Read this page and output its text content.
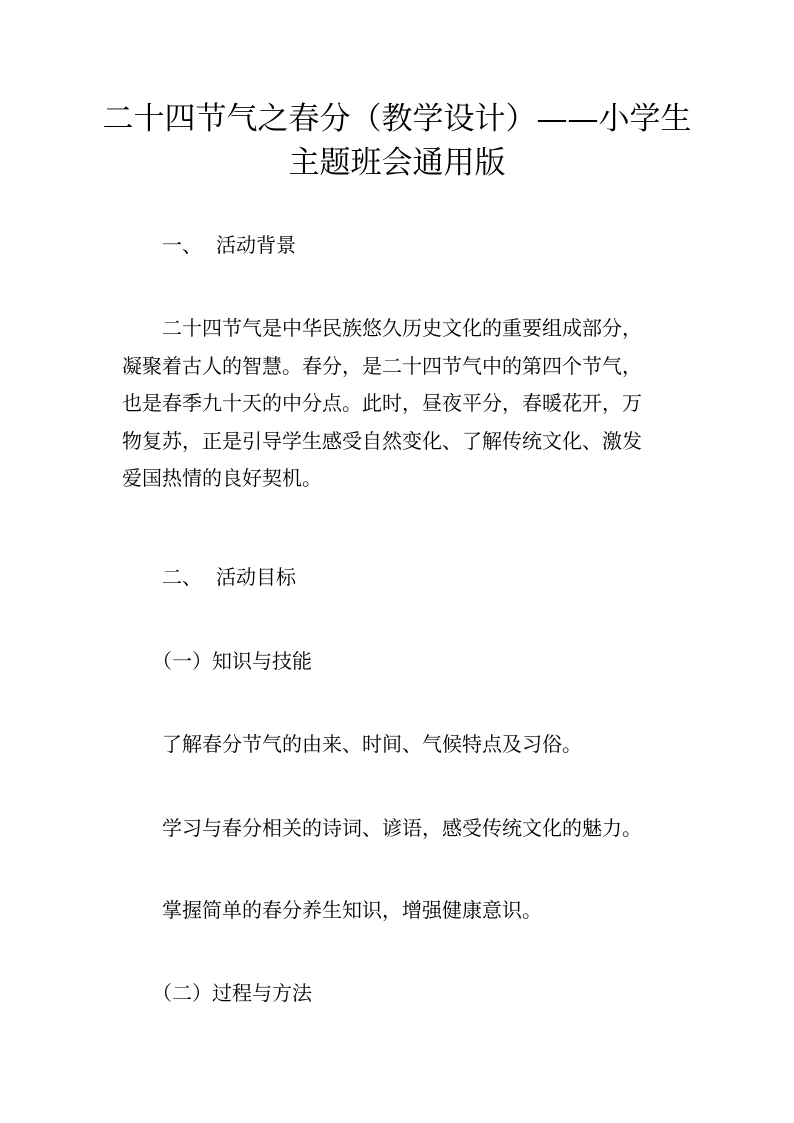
二十四节气之春分（教学设计）——小学生
主题班会通用版
一、 活动背景
二十四节气是中华民族悠久历史文化的重要组成部分，
凝聚着古人的智慧。春分，是二十四节气中的第四个节气，
也是春季九十天的中分点。此时，昼夜平分，春暖花开，万
物复苏，正是引导学生感受自然变化、了解传统文化、激发
爱国热情的良好契机。
二、 活动目标
（一）知识与技能
了解春分节气的由来、时间、气候特点及习俗。
学习与春分相关的诗词、谚语，感受传统文化的魅力。
掌握简单的春分养生知识，增强健康意识。
（二）过程与方法
